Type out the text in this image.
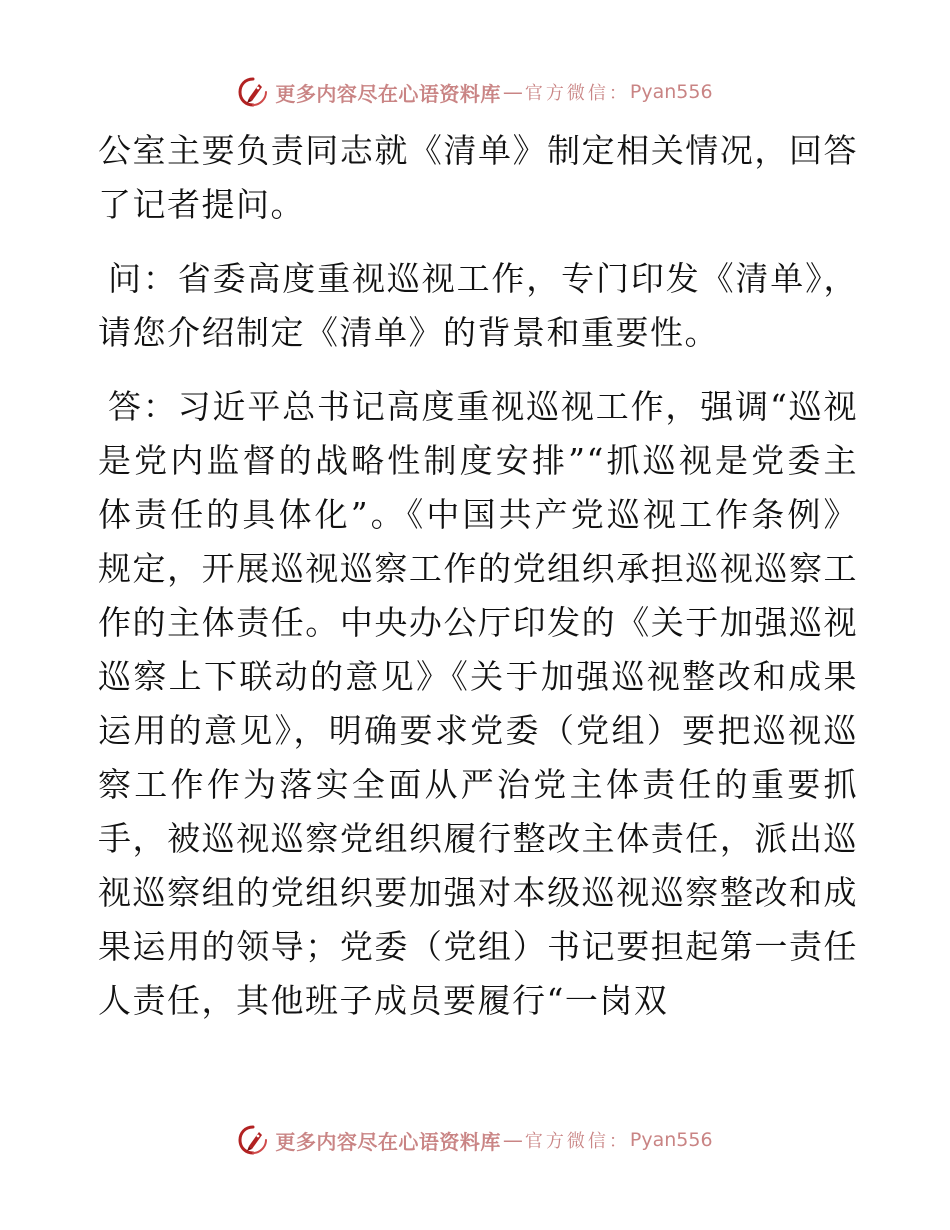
更多内容尽在心语资料库 — 官方微信： Pyan556

公室主要负责同志就《清单》制定相关情况，回答了记者提问。

问：省委高度重视巡视工作，专门印发《清单》，请您介绍制定《清单》的背景和重要性。

答：习近平总书记高度重视巡视工作，强调“巡视是党内监督的战略性制度安排”“抓巡视是党委主体责任的具体化”。《中国共产党巡视工作条例》规定，开展巡视巡察工作的党组织承担巡视巡察工作的主体责任。中央办公厅印发的《关于加强巡视巡察上下联动的意见》《关于加强巡视整改和成果运用的意见》，明确要求党委（党组）要把巡视巡察工作作为落实全面从严治党主体责任的重要抓手，被巡视巡察党组织履行整改主体责任，派出巡视巡察组的党组织要加强对本级巡视巡察整改和成果运用的领导；党委（党组）书记要担起第一责任人责任，其他班子成员要履行“一岗双

更多内容尽在心语资料库 — 官方微信： Pyan556
